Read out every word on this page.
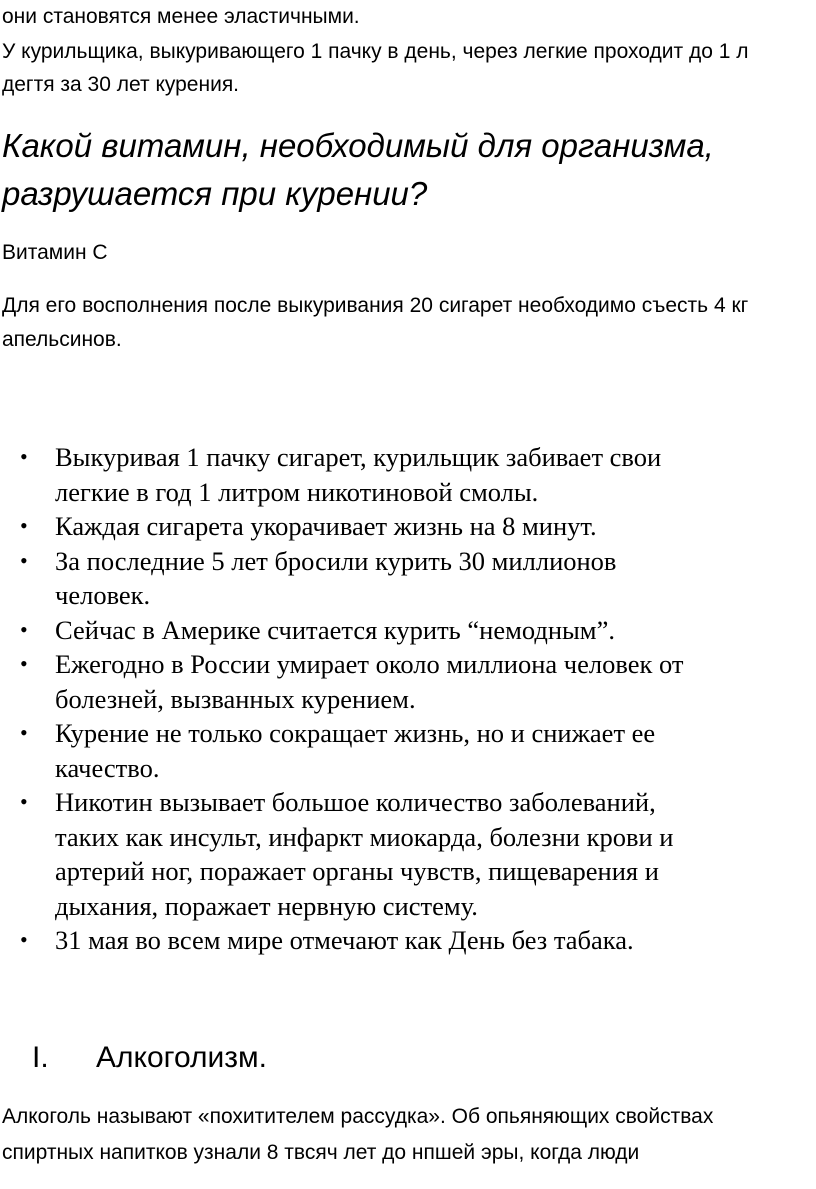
они становятся менее эластичными.

У курильщика, выкуривающего 1 пачку в день, через легкие проходит до 1 л

дегтя за 30 лет курения.

Какой витамин, необходимый для организма,
разрушается при курении?

Витамин С

Для его восполнения после выкуривания 20 сигарет необходимо съесть 4 кг

апельсинов.

• Выкуривая 1 пачку сигарет, курильщик забивает свои
легкие в год 1 литром никотиновой смолы.
• Каждая сигарета укорачивает жизнь на 8 минут.
• За последние 5 лет бросили курить 30 миллионов
человек.
• Сейчас в Америке считается курить “немодным”.
• Ежегодно в России умирает около миллиона человек от
болезней, вызванных курением.
• Курение не только сокращает жизнь, но и снижает ее
качество.
• Никотин вызывает большое количество заболеваний,
таких как инсульт, инфаркт миокарда, болезни крови и
артерий ног, поражает органы чувств, пищеварения и
дыхания, поражает нервную систему.
• 31 мая во всем мире отмечают как День без табака.
I. Алкоголизм.

Алкоголь называют «похитителем рассудка». Об опьяняющих свойствах

спиртных напитков узнали 8 твсяч лет до нпшей эры, когда люди
